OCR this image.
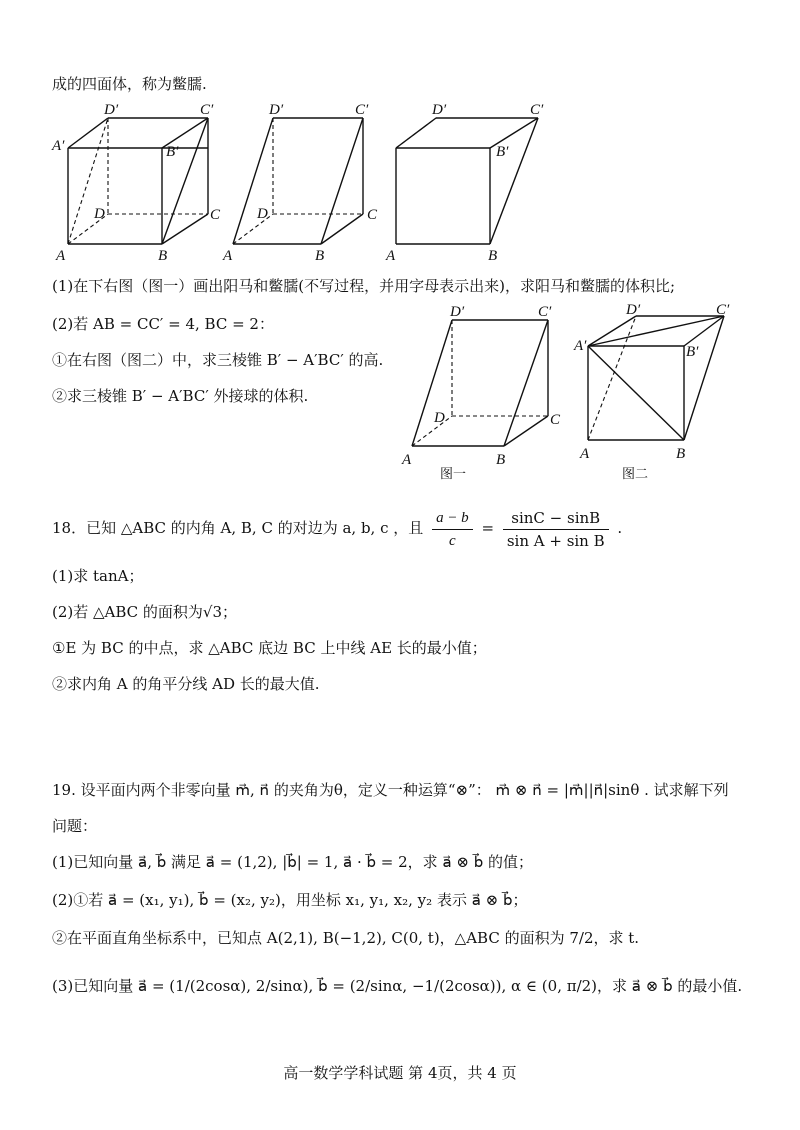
成的四面体，称为鳖臑.
D′	C′
A′	B′
D	C
A	B
D′	C′
D	C
A	B
D′	C′
B′
A	B
(1)在下右图（图一）画出阳马和鳖臑(不写过程，并用字母表示出来)，求阳马和鳖臑的体积比;
(2)若 AB = CC′ = 4, BC = 2：
①在右图（图二）中，求三棱锥 B′ − A′BC′ 的高.
②求三棱锥 B′ − A′BC′ 外接球的体积.
D′	C′
D	C
A	B
图一
D′	C′
A′	B′
A	B
图二
18．已知 △ABC 的内角 A, B, C 的对边为 a, b, c ，且 $\frac{a - b}{c} = \frac{\sin C - \sin B}{\text{sin A + sin B}}$ .
(1)求 tanA；
(2)若 △ABC 的面积为√3；
①E 为 BC 的中点，求 △ABC 底边 BC 上中线 AE 长的最小值；
②求内角 A 的角平分线 AD 长的最大值.
19. 设平面内两个非零向量 m⃗, n⃗ 的夹角为θ，定义一种运算“⊗”： m⃗ ⊗ n⃗ = |m⃗||n⃗|sinθ . 试求解下列
问题：
(1)已知向量 a⃗, b⃗ 满足 a⃗ = (1,2), |b⃗| = 1, a⃗ · b⃗ = 2，求 a⃗ ⊗ b⃗ 的值；
(2)①若 a⃗ = (x₁, y₁), b⃗ = (x₂, y₂)，用坐标 x₁, y₁, x₂, y₂ 表示 a⃗ ⊗ b⃗；
②在平面直角坐标系中，已知点 A(2,1), B(−1,2), C(0, t)，△ABC 的面积为 7/2，求 t.
(3)已知向量 a⃗ = (1/(2cosα), 2/sinα), b⃗ = (2/sinα, −1/(2cosα)), α ∈ (0, π/2)，求 a⃗ ⊗ b⃗ 的最小值.
高一数学学科试题 第 4页，共 4 页
